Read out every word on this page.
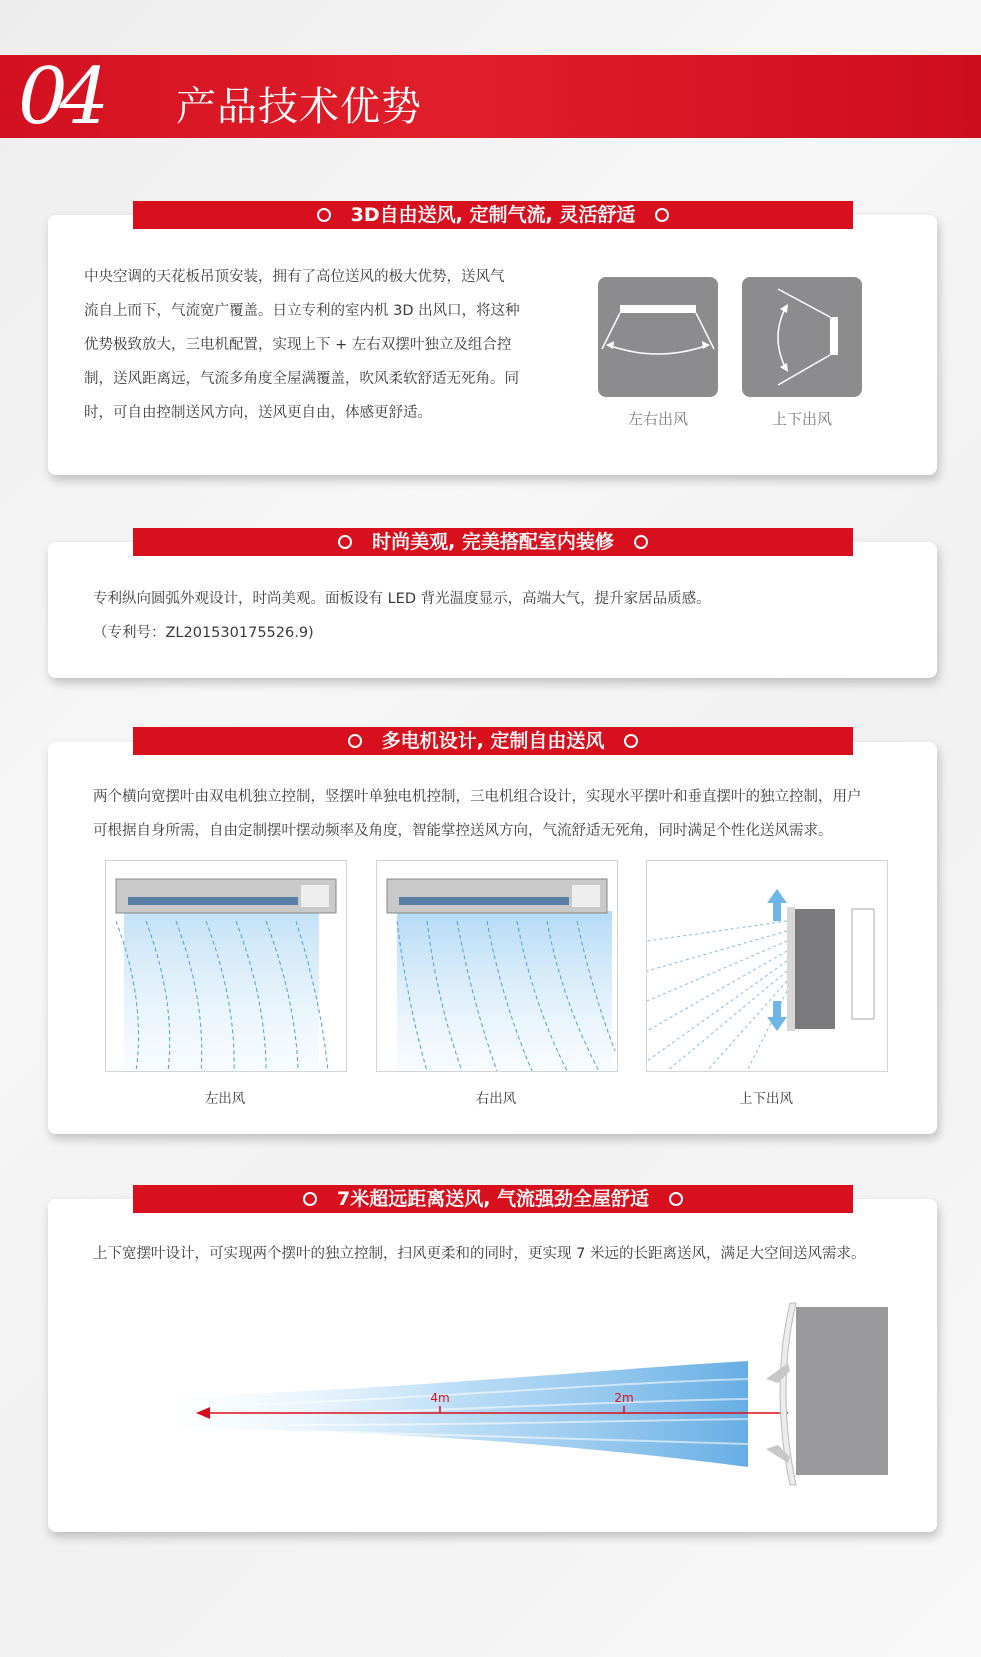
04 产品技术优势
中央空调的天花板吊顶安装，拥有了高位送风的极大优势，送风气
流自上而下，气流宽广覆盖。日立专利的室内机 3D 出风口，将这种
优势极致放大，三电机配置，实现上下 + 左右双摆叶独立及组合控
制，送风距离远，气流多角度全屋满覆盖，吹风柔软舒适无死角。同
时，可自由控制送风方向，送风更自由，体感更舒适。	左右出风	上下出风
3D自由送风, 定制气流, 灵活舒适
专利纵向圆弧外观设计，时尚美观。面板设有 LED 背光温度显示，高端大气，提升家居品质感。
（专利号：ZL201530175526.9)
时尚美观, 完美搭配室内装修
两个横向宽摆叶由双电机独立控制，竖摆叶单独电机控制，三电机组合设计，实现水平摆叶和垂直摆叶的独立控制，用户
可根据自身所需，自由定制摆叶摆动频率及角度，智能掌控送风方向，气流舒适无死角，同时满足个性化送风需求。
左出风	右出风	上下出风
多电机设计, 定制自由送风
上下宽摆叶设计，可实现两个摆叶的独立控制，扫风更柔和的同时，更实现 7 米远的长距离送风，满足大空间送风需求。
4m	2m
7米超远距离送风, 气流强劲全屋舒适
